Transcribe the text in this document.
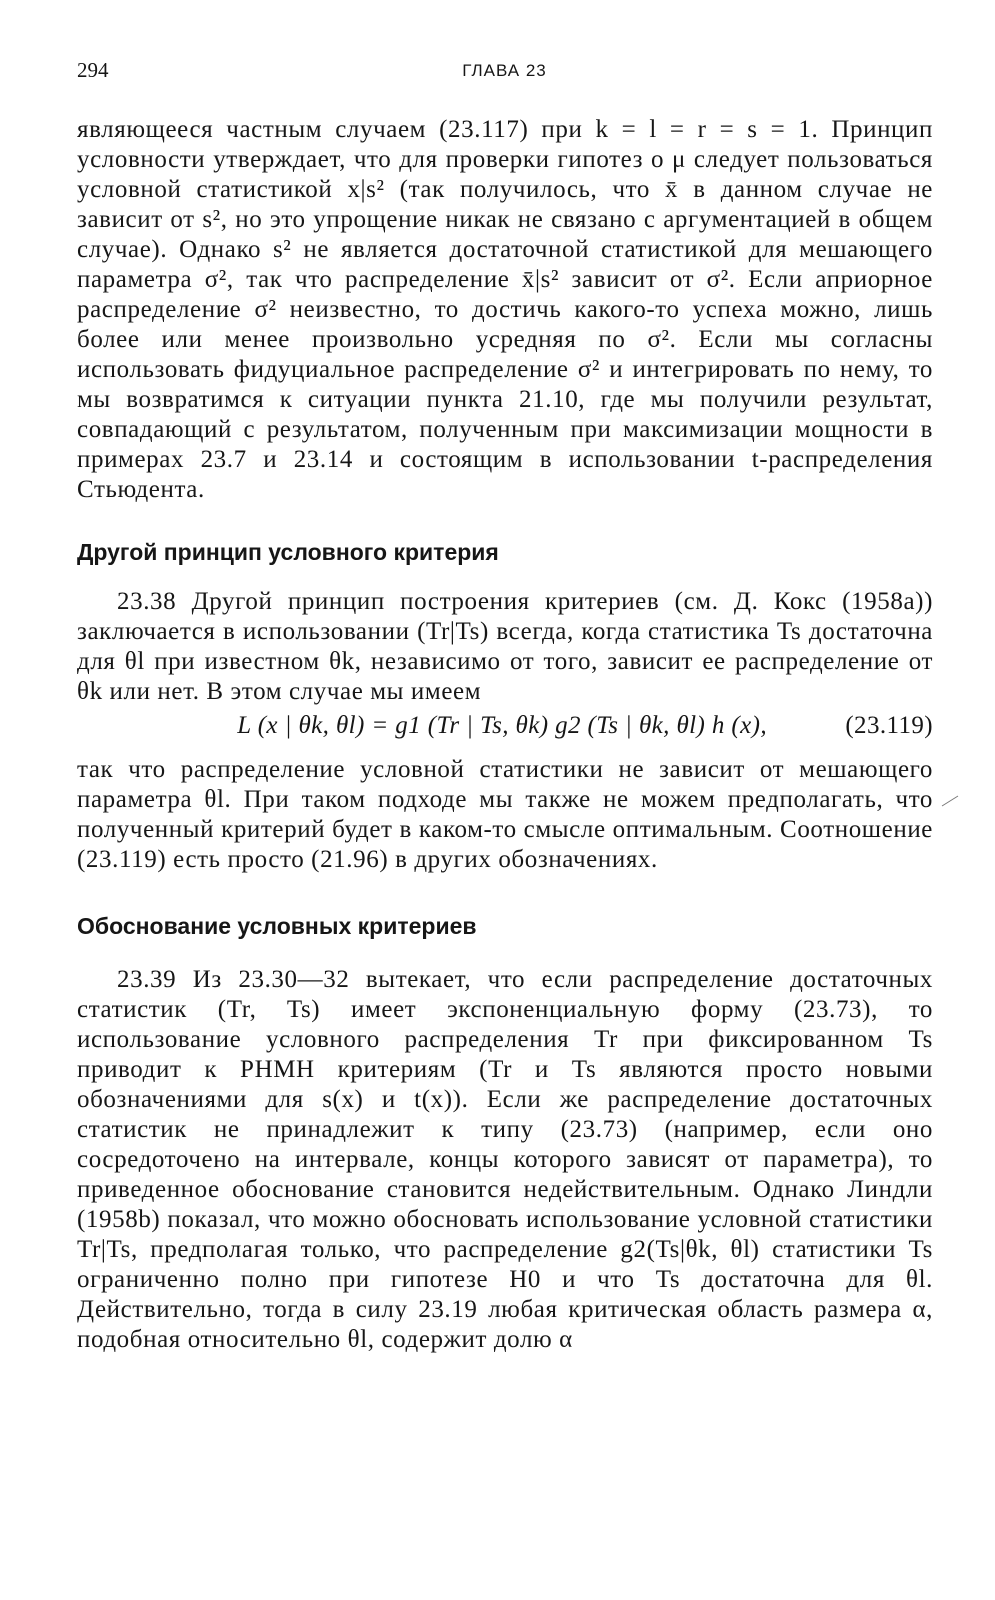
294	ГЛАВА 23

являющееся частным случаем (23.117) при k = l = r = s = 1. Принцип условности утверждает, что для проверки гипотез о μ следует пользоваться условной статистикой x|s² (так получилось, что x̄ в данном случае не зависит от s², но это упрощение никак не связано с аргументацией в общем случае). Однако s² не является достаточной статистикой для мешающего параметра σ², так что распределение x̄|s² зависит от σ². Если априорное распределение σ² неизвестно, то достичь какого-то успеха можно, лишь более или менее произвольно усредняя по σ². Если мы согласны использовать фидуциальное распределение σ² и интегрировать по нему, то мы возвратимся к ситуации пункта 21.10, где мы получили результат, совпадающий с результатом, полученным при максимизации мощности в примерах 23.7 и 23.14 и состоящим в использовании t-распределения Стьюдента.

Другой принцип условного критерия

23.38 Другой принцип построения критериев (см. Д. Кокс (1958a)) заключается в использовании (Tr|Ts) всегда, когда статистика Ts достаточна для θl при известном θk, независимо от того, зависит ее распределение от θk или нет. В этом случае мы имеем

L (x | θk, θl) = g1 (Tr | Ts, θk) g2 (Ts | θk, θl) h (x),	(23.119)

так что распределение условной статистики не зависит от мешающего параметра θl. При таком подходе мы также не можем предполагать, что полученный критерий будет в каком-то смысле оптимальным. Соотношение (23.119) есть просто (21.96) в других обозначениях.

Обоснование условных критериев

23.39 Из 23.30—32 вытекает, что если распределение достаточных статистик (Tr, Ts) имеет экспоненциальную форму (23.73), то использование условного распределения Tr при фиксированном Ts приводит к РНМН критериям (Tr и Ts являются просто новыми обозначениями для s(x) и t(x)). Если же распределение достаточных статистик не принадлежит к типу (23.73) (например, если оно сосредоточено на интервале, концы которого зависят от параметра), то приведенное обоснование становится недействительным. Однако Линдли (1958b) показал, что можно обосновать использование условной статистики Tr|Ts, предполагая только, что распределение g2(Ts|θk, θl) статистики Ts ограниченно полно при гипотезе H0 и что Ts достаточна для θl. Действительно, тогда в силу 23.19 любая критическая область размера α, подобная относительно θl, содержит долю α
